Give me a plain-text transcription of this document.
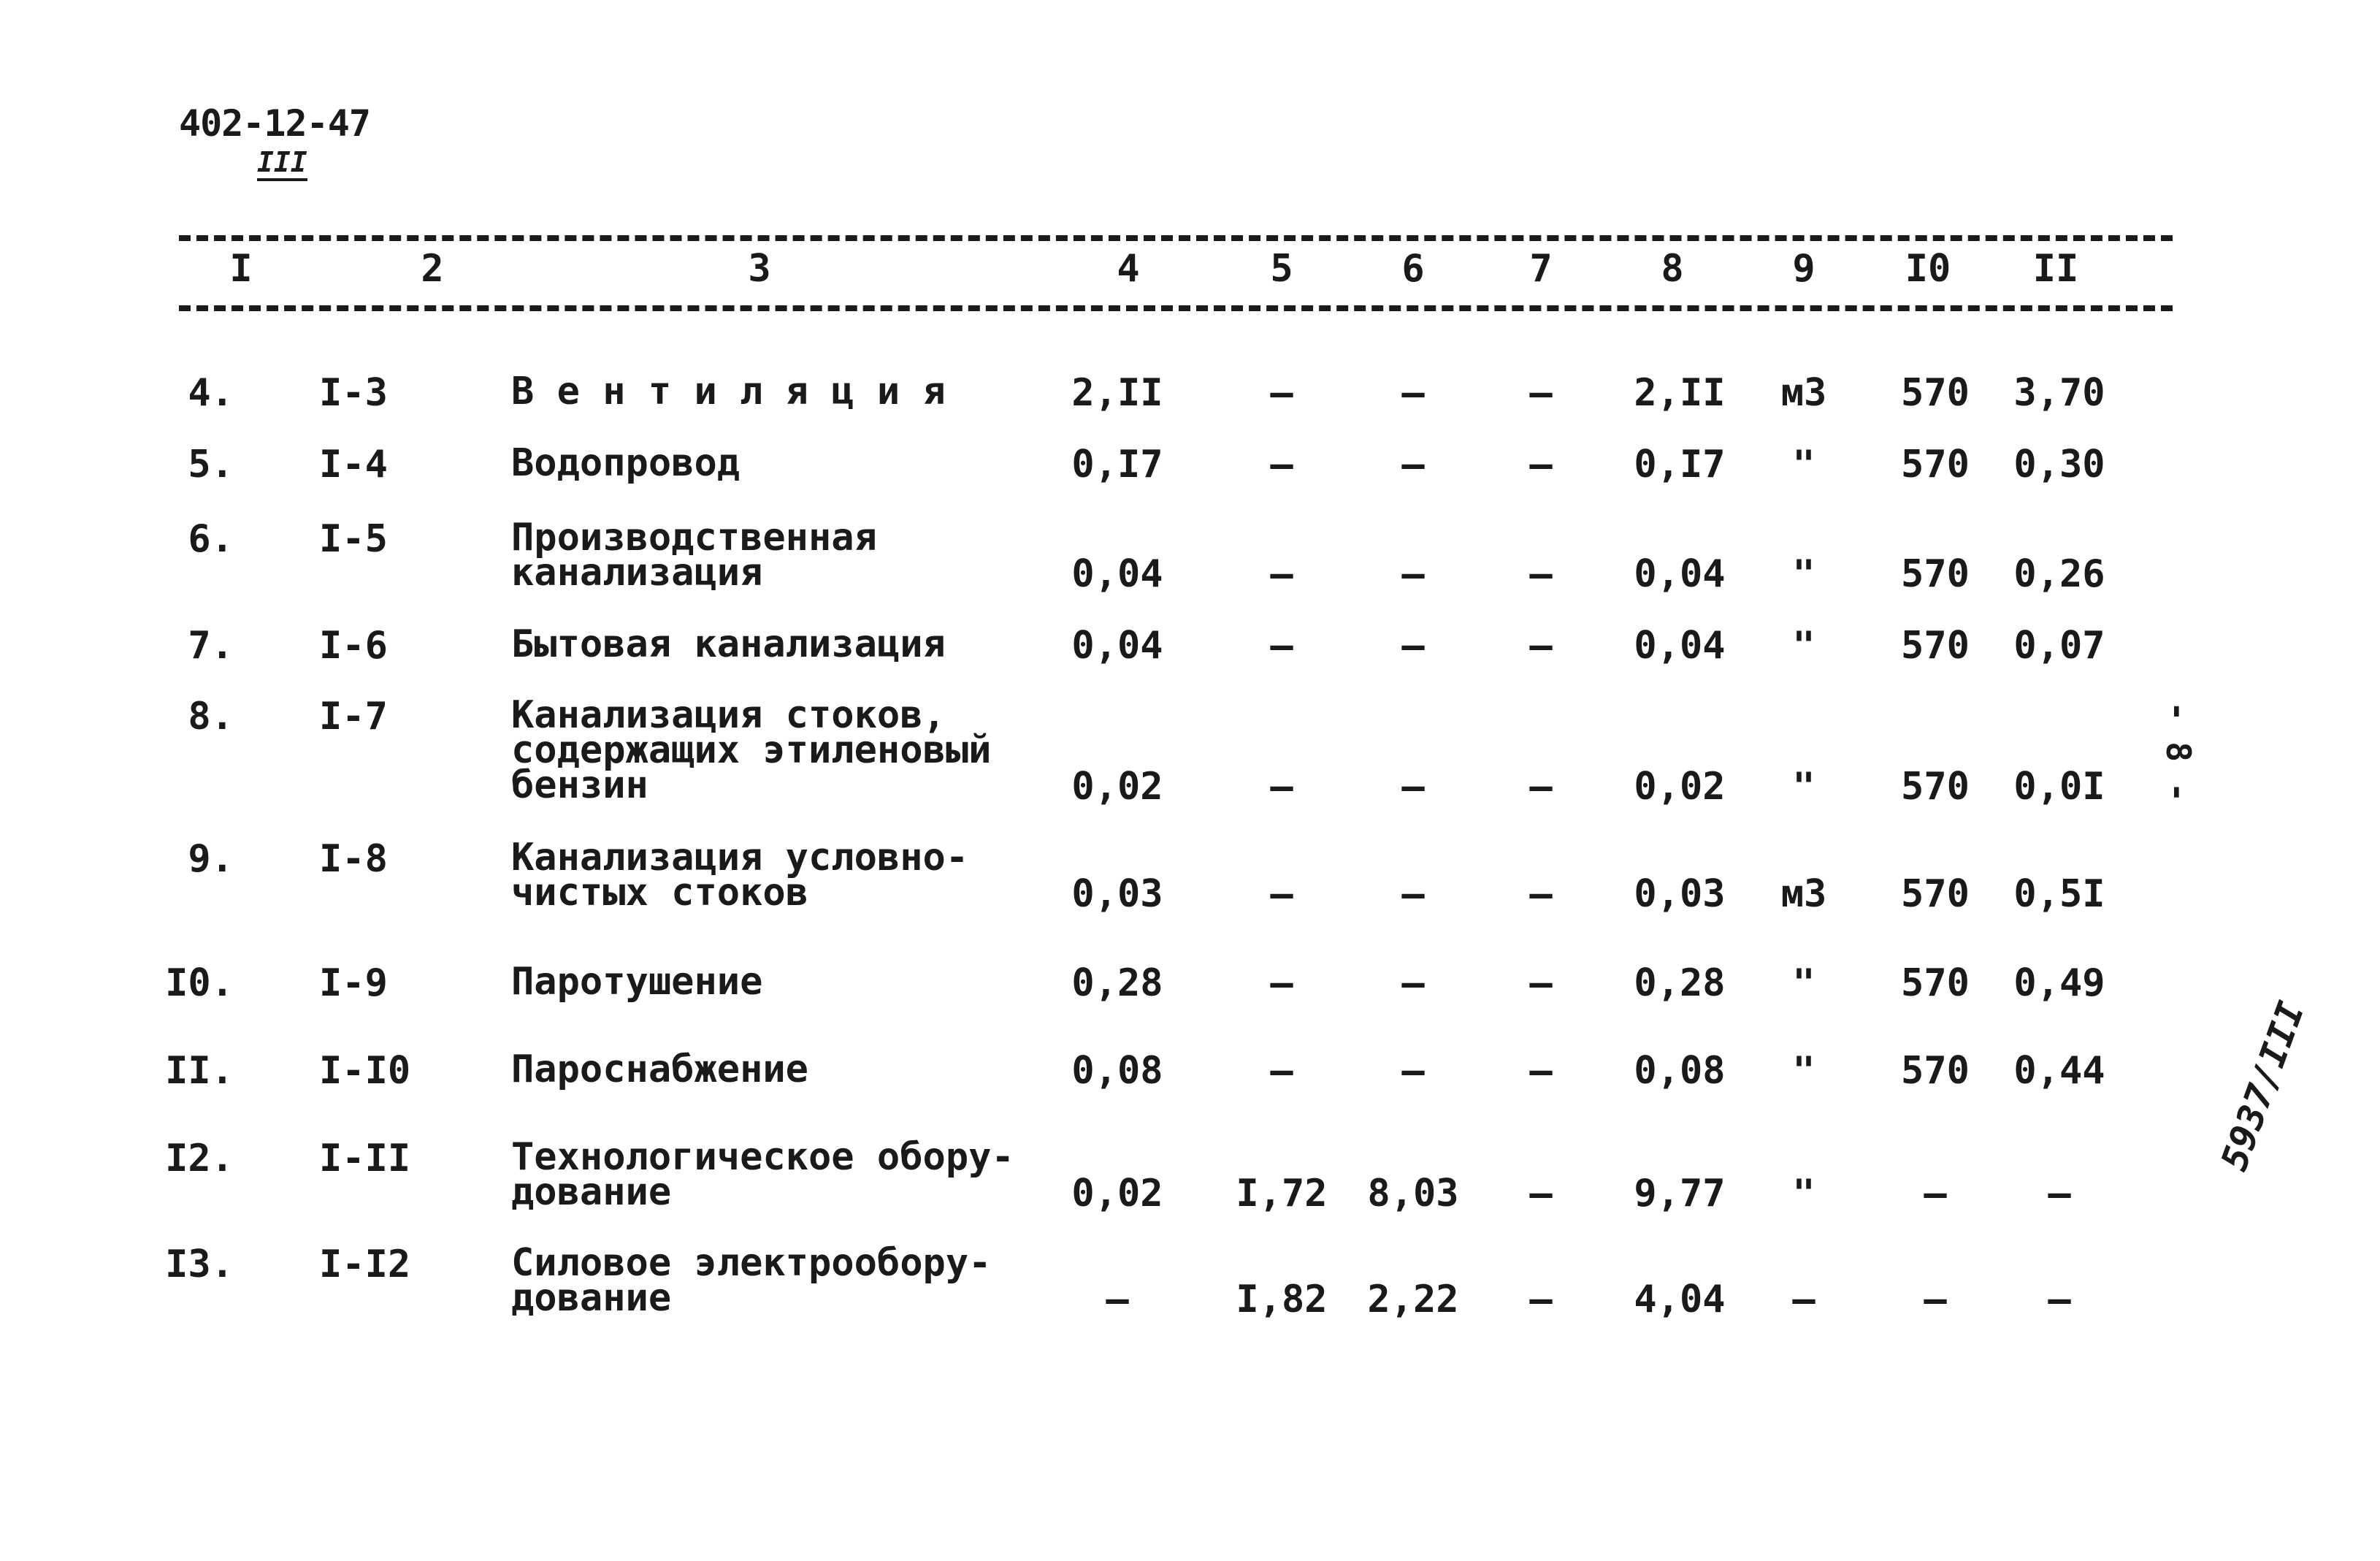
402-12-47
III
I	2	3	4	5	6	7	8	9 I0 II
4. I-3	В е н т и л я ц и я	2,II	–	–	– 2,II м3 570 3,70
5. I-4	Водопровод	0,I7	–	–	– 0,I7 " 570 0,30
6. I-5	Производственная
канализация	0,04	–	–	– 0,04 " 570 0,26
7. I-6	Бытовая канализация	0,04	–	–	– 0,04 " 570 0,07
8. I-7	Канализация стоков,
содержащих этиленовый
бензин	0,02	–	–	– 0,02 " 570 0,0I
9. I-8	Канализация условно-
чистых стоков	0,03	–	–	– 0,03 м3 570 0,5I
I0. I-9	Паротушение	0,28	–	–	– 0,28 " 570 0,49
II. I-I0	Пароснабжение	0,08	–	–	– 0,08 " 570 0,44
I2. I-II	Технологическое обору-
дование	0,02 I,72 8,03 – 9,77 "	–	–
I3. I-I2	Силовое электрообору-
дование	–	I,82 2,22 – 4,04 –	–	–
- 8 -
5937/III
